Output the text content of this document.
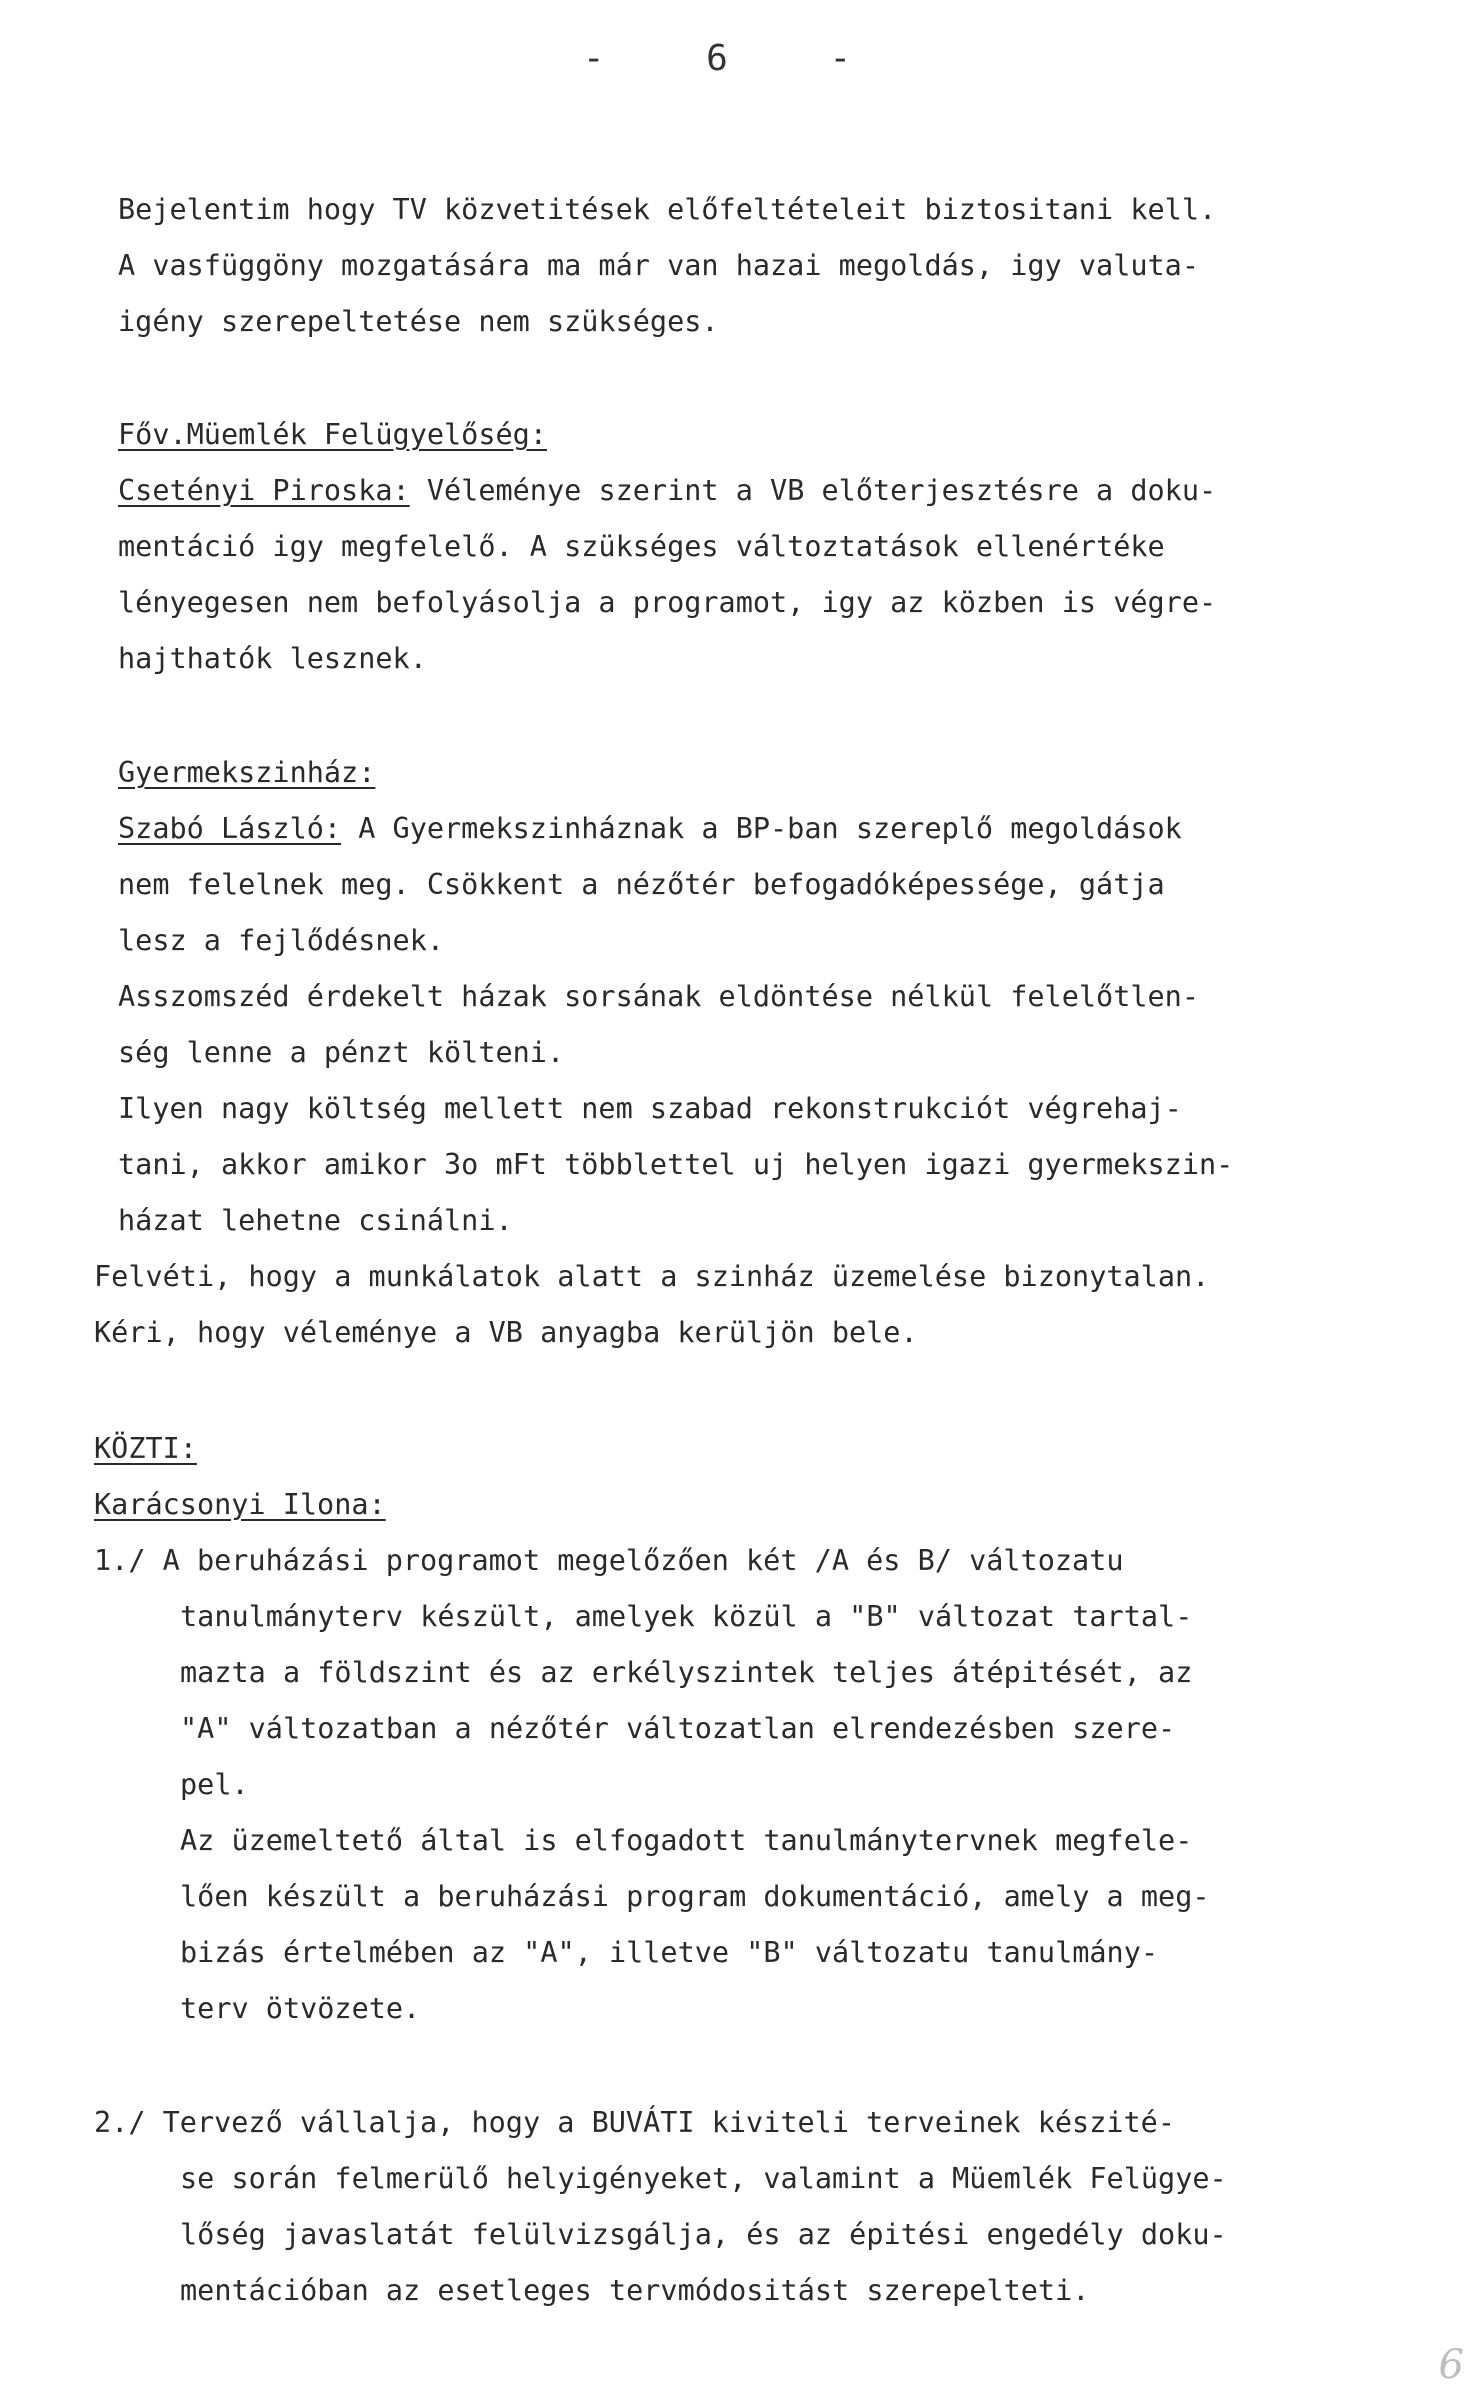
- 6 -
Bejelentim hogy TV közvetitések előfeltételeit biztositani kell.
A vasfüggöny mozgatására ma már van hazai megoldás, igy valuta-
igény szerepeltetése nem szükséges.
Főv.Müemlék Felügyelőség:
Csetényi Piroska: Véleménye szerint a VB előterjesztésre a doku-
mentáció igy megfelelő. A szükséges változtatások ellenértéke
lényegesen nem befolyásolja a programot, igy az közben is végre-
hajthatók lesznek.
Gyermekszinház:
Szabó László: A Gyermekszinháznak a BP-ban szereplő megoldások
nem felelnek meg. Csökkent a nézőtér befogadóképessége, gátja
lesz a fejlődésnek.
Asszomszéd érdekelt házak sorsának eldöntése nélkül felelőtlen-
ség lenne a pénzt költeni.
Ilyen nagy költség mellett nem szabad rekonstrukciót végrehaj-
tani, akkor amikor 3o mFt többlettel uj helyen igazi gyermekszin-
házat lehetne csinálni.
Felvéti, hogy a munkálatok alatt a szinház üzemelése bizonytalan.
Kéri, hogy véleménye a VB anyagba kerüljön bele.
KÖZTI:
Karácsonyi Ilona:
1./ A beruházási programot megelőzően két /A és B/ változatu
tanulmányterv készült, amelyek közül a "B" változat tartal-
mazta a földszint és az erkélyszintek teljes átépitését, az
"A" változatban a nézőtér változatlan elrendezésben szere-
pel.
Az üzemeltető által is elfogadott tanulmánytervnek megfele-
lően készült a beruházási program dokumentáció, amely a meg-
bizás értelmében az "A", illetve "B" változatu tanulmány-
terv ötvözete.
2./ Tervező vállalja, hogy a BUVÁTI kiviteli terveinek készité-
se során felmerülő helyigényeket, valamint a Müemlék Felügye-
lőség javaslatát felülvizsgálja, és az épitési engedély doku-
mentációban az esetleges tervmódositást szerepelteti.
6
